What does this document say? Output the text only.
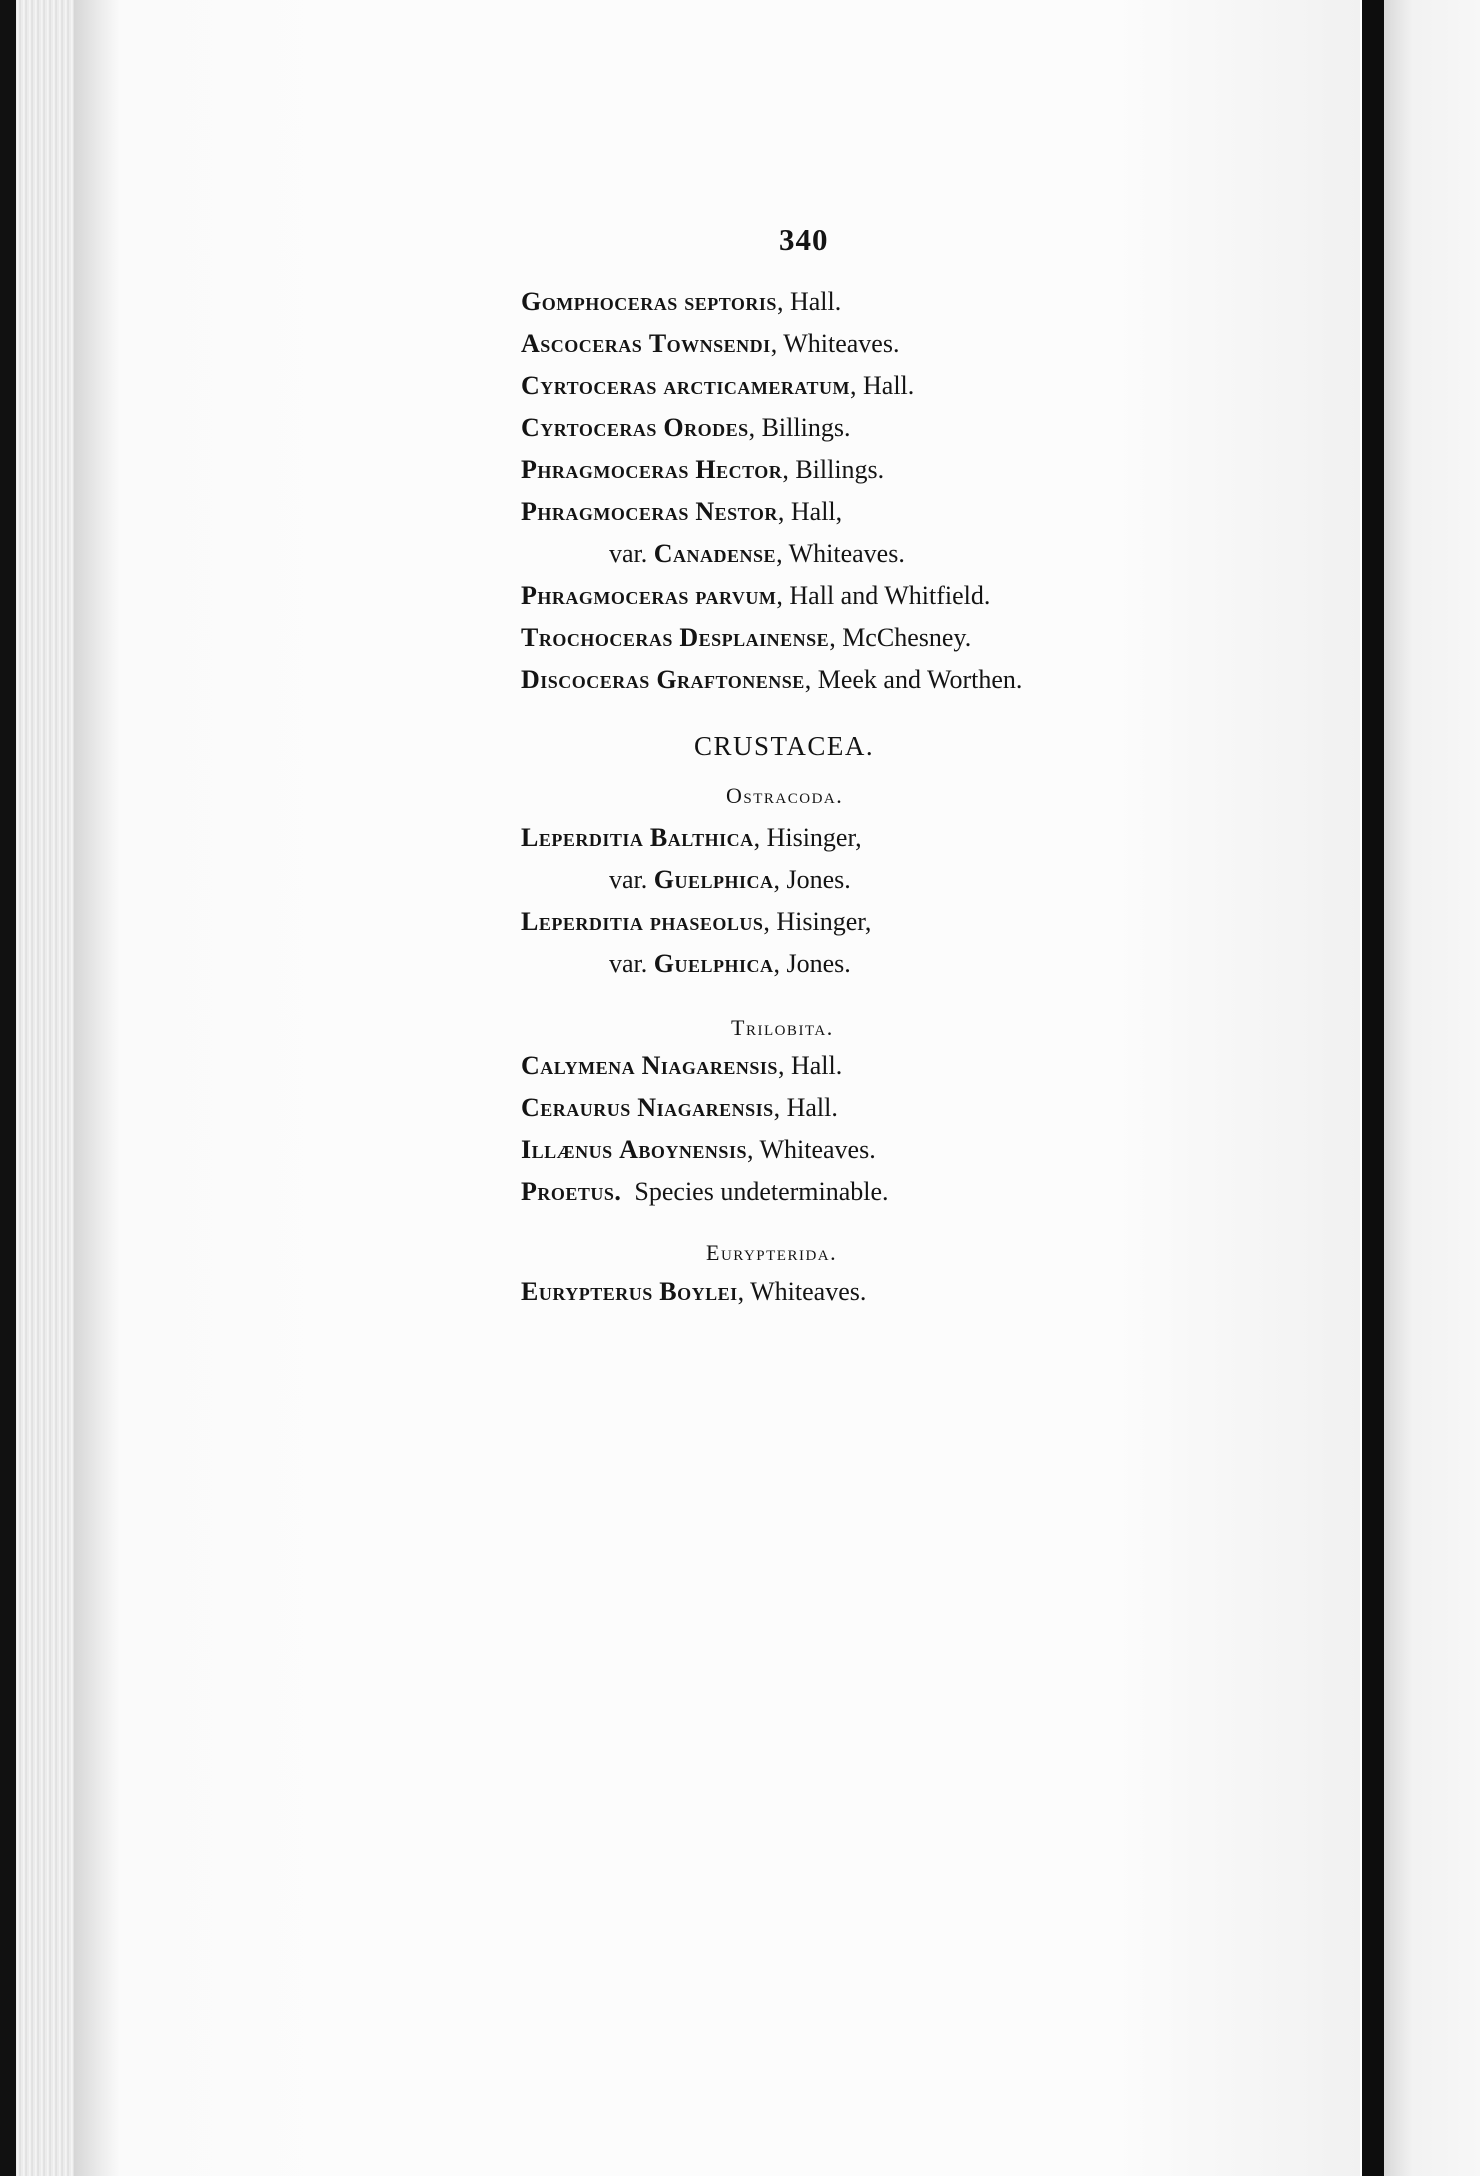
340
Gomphoceras septoris, Hall.
Ascoceras Townsendi, Whiteaves.
Cyrtoceras arcticameratum, Hall.
Cyrtoceras Orodes, Billings.
Phragmoceras Hector, Billings.
Phragmoceras Nestor, Hall,
var. Canadense, Whiteaves.
Phragmoceras parvum, Hall and Whitfield.
Trochoceras Desplainense, McChesney.
Discoceras Graftonense, Meek and Worthen.
CRUSTACEA.
Ostracoda.
Leperditia Balthica, Hisinger,
var. Guelphica, Jones.
Leperditia phaseolus, Hisinger,
var. Guelphica, Jones.
Trilobita.
Calymena Niagarensis, Hall.
Ceraurus Niagarensis, Hall.
Illænus Aboynensis, Whiteaves.
Proetus.  Species undeterminable.
Eurypterida.
Eurypterus Boylei, Whiteaves.
